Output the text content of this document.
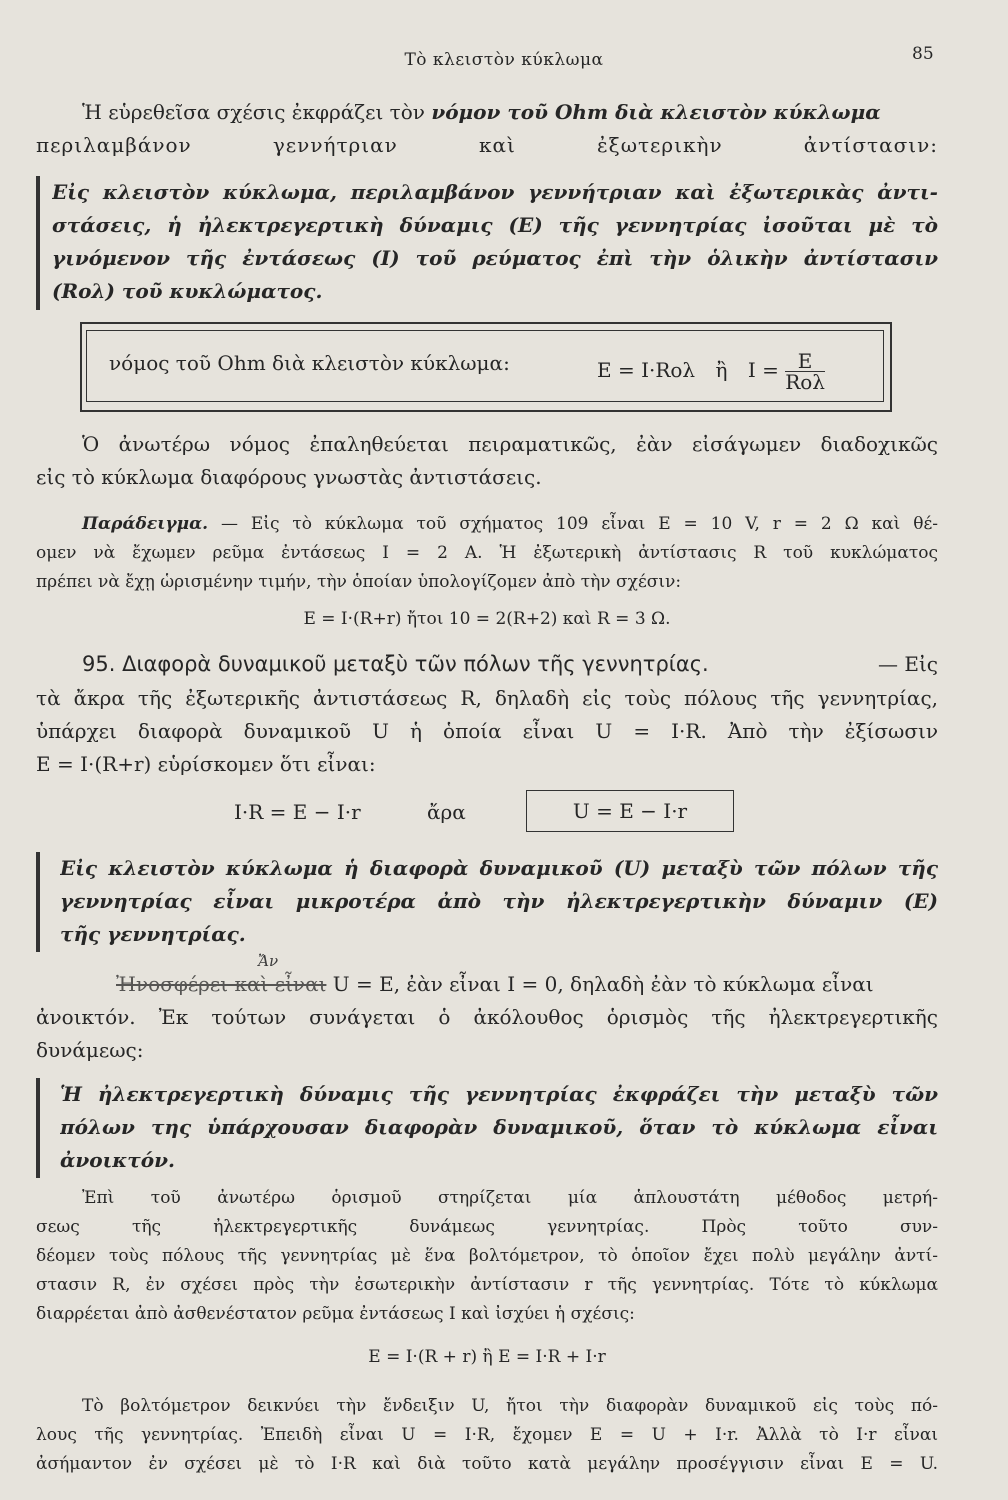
Τὸ κλειστὸν κύκλωμα	85
Ἡ εὑρεθεῖσα σχέσις ἐκφράζει τὸν νόμον τοῦ Ohm διὰ κλειστὸν κύκλωμα
περιλαμβάνον γεννήτριαν καὶ ἐξωτερικὴν ἀντίστασιν:
Εἰς κλειστὸν κύκλωμα, περιλαμβάνον γεννήτριαν καὶ ἐξωτερικὰς ἀντι-
στάσεις, ἡ ἠλεκτρεγερτικὴ δύναμις (E) τῆς γεννητρίας ἰσοῦται μὲ τὸ
γινόμενον τῆς ἐντάσεως (I) τοῦ ρεύματος ἐπὶ τὴν ὁλικὴν ἀντίστασιν
(Rολ) τοῦ κυκλώματος.
νόμος τοῦ Ohm διὰ κλειστὸν κύκλωμα:	E = I·Rολ ἢ $I = \frac{E}{\text{Rολ}}$
Ὁ ἀνωτέρω νόμος ἐπαληθεύεται πειραματικῶς, ἐὰν εἰσάγωμεν διαδοχικῶς
εἰς τὸ κύκλωμα διαφόρους γνωστὰς ἀντιστάσεις.
Παράδειγμα. — Εἰς τὸ κύκλωμα τοῦ σχήματος 109 εἶναι E = 10 V, r = 2 Ω καὶ θέ-
ομεν νὰ ἔχωμεν ρεῦμα ἐντάσεως I = 2 A. Ἡ ἐξωτερικὴ ἀντίστασις R τοῦ κυκλώματος
πρέπει νὰ ἔχῃ ὡρισμένην τιμήν, τὴν ὁποίαν ὑπολογίζομεν ἀπὸ τὴν σχέσιν:
E = I·(R+r) ἤτοι 10 = 2(R+2) καὶ R = 3 Ω.
95. Διαφορὰ δυναμικοῦ μεταξὺ τῶν πόλων τῆς γεννητρίας.	— Εἰς
τὰ ἄκρα τῆς ἐξωτερικῆς ἀντιστάσεως R, δηλαδὴ εἰς τοὺς πόλους τῆς γεννητρίας,
ὑπάρχει διαφορὰ δυναμικοῦ U ἡ ὁποία εἶναι U = I·R. Ἀπὸ τὴν ἐξίσωσιν
E = I·(R+r) εὑρίσκομεν ὅτι εἶναι:
I·R = E − I·r	ἄρα	U = E − I·r
Εἰς κλειστὸν κύκλωμα ἡ διαφορὰ δυναμικοῦ (U) μεταξὺ τῶν πόλων τῆς
γεννητρίας εἶναι μικροτέρα ἀπὸ τὴν ἠλεκτρεγερτικὴν δύναμιν (E)
τῆς γεννητρίας.
Ἄν
Ἠνοσφέρει καὶ εἶναι U = E, ἐὰν εἶναι I = 0, δηλαδὴ ἐὰν τὸ κύκλωμα εἶναι
ἀνοικτόν. Ἐκ τούτων συνάγεται ὁ ἀκόλουθος ὁρισμὸς τῆς ἠλεκτρεγερτικῆς
δυνάμεως:
Ἡ ἠλεκτρεγερτικὴ δύναμις τῆς γεννητρίας ἐκφράζει τὴν μεταξὺ τῶν
πόλων της ὑπάρχουσαν διαφορὰν δυναμικοῦ, ὅταν τὸ κύκλωμα εἶναι
ἀνοικτόν.
Ἐπὶ τοῦ ἀνωτέρω ὁρισμοῦ στηρίζεται μία ἁπλουστάτη μέθοδος μετρή-
σεως τῆς ἠλεκτρεγερτικῆς δυνάμεως γεννητρίας. Πρὸς τοῦτο συν-
δέομεν τοὺς πόλους τῆς γεννητρίας μὲ ἕνα βολτόμετρον, τὸ ὁποῖον ἔχει πολὺ μεγάλην ἀντί-
στασιν R, ἐν σχέσει πρὸς τὴν ἐσωτερικὴν ἀντίστασιν r τῆς γεννητρίας. Τότε τὸ κύκλωμα
διαρρέεται ἀπὸ ἀσθενέστατον ρεῦμα ἐντάσεως I καὶ ἰσχύει ἡ σχέσις:
E = I·(R + r) ἢ E = I·R + I·r
Τὸ βολτόμετρον δεικνύει τὴν ἔνδειξιν U, ἤτοι τὴν διαφορὰν δυναμικοῦ εἰς τοὺς πό-
λους τῆς γεννητρίας. Ἐπειδὴ εἶναι U = I·R, ἔχομεν E = U + I·r. Ἀλλὰ τὸ I·r εἶναι
ἀσήμαντον ἐν σχέσει μὲ τὸ I·R καὶ διὰ τοῦτο κατὰ μεγάλην προσέγγισιν εἶναι E = U.
